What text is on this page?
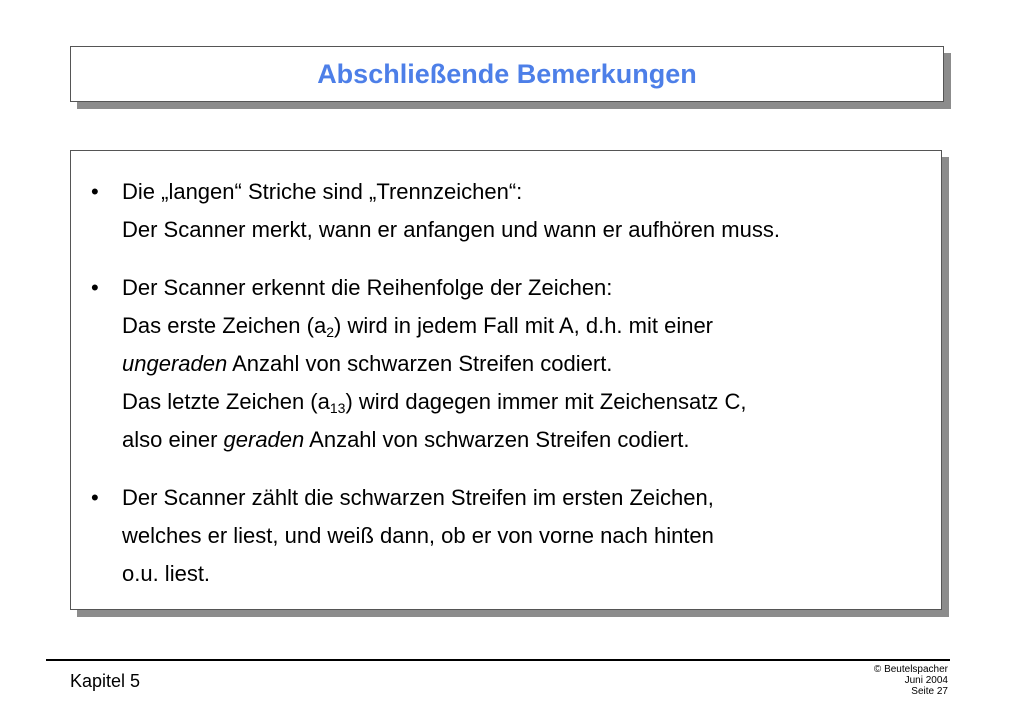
Abschließende Bemerkungen
• Die „langen“ Striche sind „Trennzeichen“:
Der Scanner merkt, wann er anfangen und wann er aufhören muss.
• Der Scanner erkennt die Reihenfolge der Zeichen:
Das erste Zeichen $(a_2)$ wird in jedem Fall mit A, d.h. mit einer
ungeraden Anzahl von schwarzen Streifen codiert.
Das letzte Zeichen $(a_{13})$ wird dagegen immer mit Zeichensatz C,
also einer geraden Anzahl von schwarzen Streifen codiert.
• Der Scanner zählt die schwarzen Streifen im ersten Zeichen,
welches er liest, und weiß dann, ob er von vorne nach hinten
o.u. liest.
Kapitel 5
© Beutelspacher
Juni 2004
Seite 27
